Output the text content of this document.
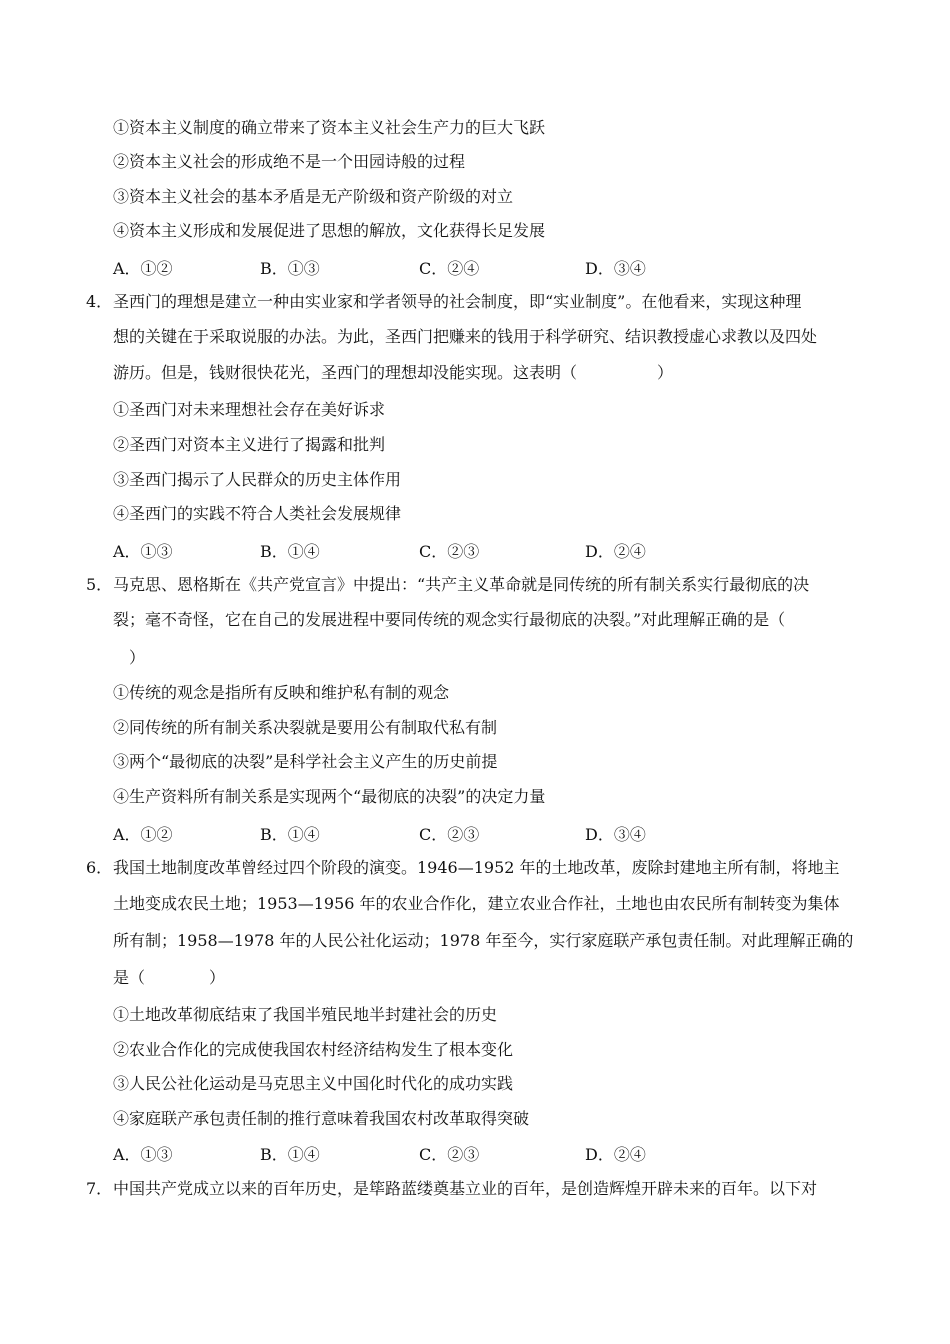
①资本主义制度的确立带来了资本主义社会生产力的巨大飞跃
②资本主义社会的形成绝不是一个田园诗般的过程
③资本主义社会的基本矛盾是无产阶级和资产阶级的对立
④资本主义形成和发展促进了思想的解放，文化获得长足发展
A．①②	B．①③	C．②④	D．③④
4． 圣西门的理想是建立一种由实业家和学者领导的社会制度，即“实业制度”。在他看来，实现这种理
想的关键在于采取说服的办法。为此，圣西门把赚来的钱用于科学研究、结识教授虚心求教以及四处
游历。但是，钱财很快花光，圣西门的理想却没能实现。这表明（　　　　　）
①圣西门对未来理想社会存在美好诉求
②圣西门对资本主义进行了揭露和批判
③圣西门揭示了人民群众的历史主体作用
④圣西门的实践不符合人类社会发展规律
A．①③	B．①④	C．②③	D．②④
5． 马克思、恩格斯在《共产党宣言》中提出：“共产主义革命就是同传统的所有制关系实行最彻底的决
裂；毫不奇怪，它在自己的发展进程中要同传统的观念实行最彻底的决裂。”对此理解正确的是（
　）
①传统的观念是指所有反映和维护私有制的观念
②同传统的所有制关系决裂就是要用公有制取代私有制
③两个“最彻底的决裂”是科学社会主义产生的历史前提
④生产资料所有制关系是实现两个“最彻底的决裂”的决定力量
A．①②	B．①④	C．②③	D．③④
6． 我国土地制度改革曾经过四个阶段的演变。1946—1952 年的土地改革，废除封建地主所有制，将地主
土地变成农民土地；1953—1956 年的农业合作化，建立农业合作社，土地也由农民所有制转变为集体
所有制；1958—1978 年的人民公社化运动；1978 年至今，实行家庭联产承包责任制。对此理解正确的
是（　　　　）
①土地改革彻底结束了我国半殖民地半封建社会的历史
②农业合作化的完成使我国农村经济结构发生了根本变化
③人民公社化运动是马克思主义中国化时代化的成功实践
④家庭联产承包责任制的推行意味着我国农村改革取得突破
A．①③	B．①④	C．②③	D．②④
7． 中国共产党成立以来的百年历史，是筚路蓝缕奠基立业的百年，是创造辉煌开辟未来的百年。以下对
